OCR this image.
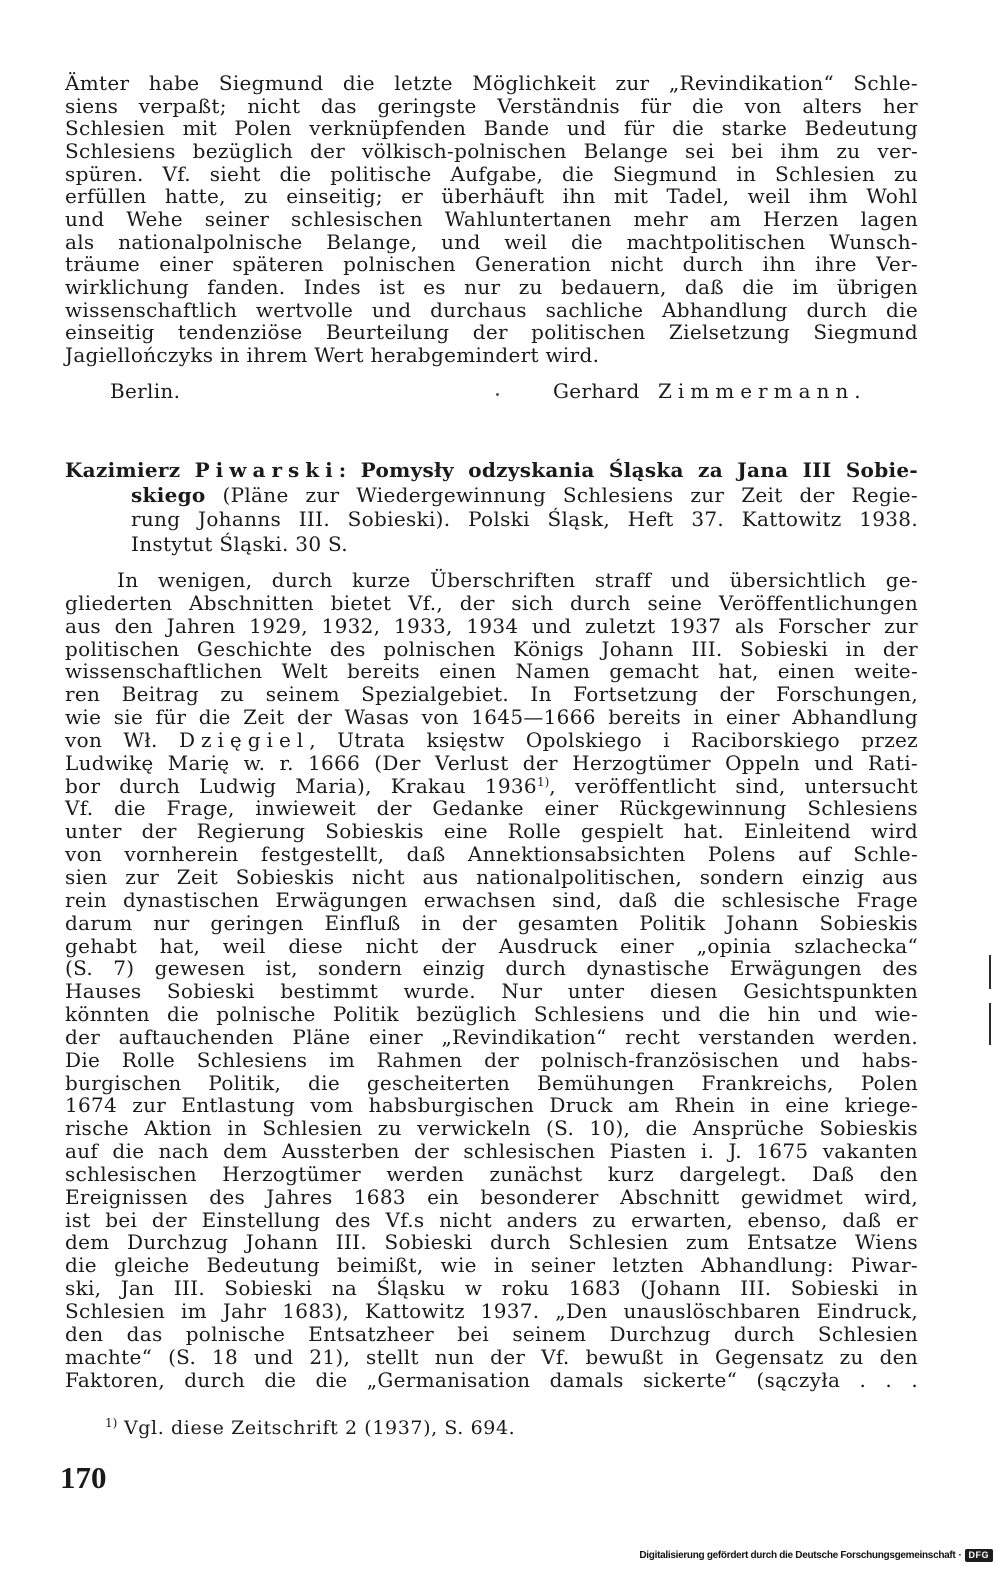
Ämter habe Siegmund die letzte Möglichkeit zur „Revindikation“ Schle-
siens verpaßt; nicht das geringste Verständnis für die von alters her
Schlesien mit Polen verknüpfenden Bande und für die starke Bedeutung
Schlesiens bezüglich der völkisch-polnischen Belange sei bei ihm zu ver-
spüren. Vf. sieht die politische Aufgabe, die Siegmund in Schlesien zu
erfüllen hatte, zu einseitig; er überhäuft ihn mit Tadel, weil ihm Wohl
und Wehe seiner schlesischen Wahluntertanen mehr am Herzen lagen
als nationalpolnische Belange, und weil die machtpolitischen Wunsch-
träume einer späteren polnischen Generation nicht durch ihn ihre Ver-
wirklichung fanden. Indes ist es nur zu bedauern, daß die im übrigen
wissenschaftlich wertvolle und durchaus sachliche Abhandlung durch die
einseitig tendenziöse Beurteilung der politischen Zielsetzung Siegmund
Jagiellończyks in ihrem Wert herabgemindert wird.
Berlin.	Gerhard Zimmermann.
Kazimierz Piwarski: Pomysły odzyskania Śląska za Jana III Sobie-
skiego (Pläne zur Wiedergewinnung Schlesiens zur Zeit der Regie-
rung Johanns III. Sobieski). Polski Śląsk, Heft 37. Kattowitz 1938.
Instytut Śląski. 30 S.
In wenigen, durch kurze Überschriften straff und übersichtlich ge-
gliederten Abschnitten bietet Vf., der sich durch seine Veröffentlichungen
aus den Jahren 1929, 1932, 1933, 1934 und zuletzt 1937 als Forscher zur
politischen Geschichte des polnischen Königs Johann III. Sobieski in der
wissenschaftlichen Welt bereits einen Namen gemacht hat, einen weite-
ren Beitrag zu seinem Spezialgebiet. In Fortsetzung der Forschungen,
wie sie für die Zeit der Wasas von 1645—1666 bereits in einer Abhandlung
von Wł. Dzięgiel, Utrata księstw Opolskiego i Raciborskiego przez
Ludwikę Marię w. r. 1666 (Der Verlust der Herzogtümer Oppeln und Rati-
bor durch Ludwig Maria), Krakau 1936$^{1)}$, veröffentlicht sind, untersucht
Vf. die Frage, inwieweit der Gedanke einer Rückgewinnung Schlesiens
unter der Regierung Sobieskis eine Rolle gespielt hat. Einleitend wird
von vornherein festgestellt, daß Annektionsabsichten Polens auf Schle-
sien zur Zeit Sobieskis nicht aus nationalpolitischen, sondern einzig aus
rein dynastischen Erwägungen erwachsen sind, daß die schlesische Frage
darum nur geringen Einfluß in der gesamten Politik Johann Sobieskis
gehabt hat, weil diese nicht der Ausdruck einer „opinia szlachecka“
(S. 7) gewesen ist, sondern einzig durch dynastische Erwägungen des
Hauses Sobieski bestimmt wurde. Nur unter diesen Gesichtspunkten
könnten die polnische Politik bezüglich Schlesiens und die hin und wie-
der auftauchenden Pläne einer „Revindikation“ recht verstanden werden.
Die Rolle Schlesiens im Rahmen der polnisch-französischen und habs-
burgischen Politik, die gescheiterten Bemühungen Frankreichs, Polen
1674 zur Entlastung vom habsburgischen Druck am Rhein in eine kriege-
rische Aktion in Schlesien zu verwickeln (S. 10), die Ansprüche Sobieskis
auf die nach dem Aussterben der schlesischen Piasten i. J. 1675 vakanten
schlesischen Herzogtümer werden zunächst kurz dargelegt. Daß den
Ereignissen des Jahres 1683 ein besonderer Abschnitt gewidmet wird,
ist bei der Einstellung des Vf.s nicht anders zu erwarten, ebenso, daß er
dem Durchzug Johann III. Sobieski durch Schlesien zum Entsatze Wiens
die gleiche Bedeutung beimißt, wie in seiner letzten Abhandlung: Piwar-
ski, Jan III. Sobieski na Śląsku w roku 1683 (Johann III. Sobieski in
Schlesien im Jahr 1683), Kattowitz 1937. „Den unauslöschbaren Eindruck,
den das polnische Entsatzheer bei seinem Durchzug durch Schlesien
machte“ (S. 18 und 21), stellt nun der Vf. bewußt in Gegensatz zu den
Faktoren, durch die die „Germanisation damals sickerte“ (sączyła . . .
$^{1)}$ Vgl. diese Zeitschrift 2 (1937), S. 694.
170
Digitalisierung gefördert durch die Deutsche Forschungsgemeinschaft · DFG
